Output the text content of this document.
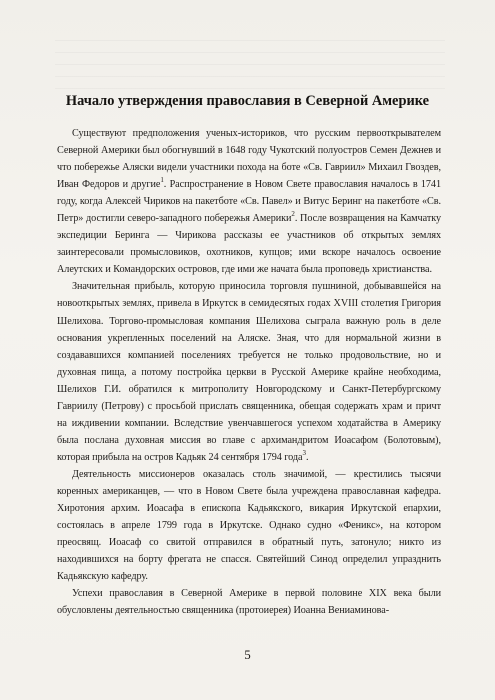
Начало утверждения православия в Северной Америке

Существуют предположения ученых-историков, что русским первооткрывателем Северной Америки был обогнувший в 1648 году Чукотский полуостров Семен Дежнев и что побережье Аляски видели участники похода на боте «Св. Гавриил» Михаил Гвоздев, Иван Федоров и другие$^1$. Распространение в Новом Свете православия началось в 1741 году, когда Алексей Чириков на пакетботе «Св. Павел» и Витус Беринг на пакетботе «Св. Петр» достигли северо-западного побережья Америки$^2$. После возвращения на Камчатку экспедиции Беринга — Чирикова рассказы ее участников об открытых землях заинтересовали промысловиков, охотников, купцов; ими вскоре началось освоение Алеутских и Командорских островов, где ими же начата была проповедь христианства.

Значительная прибыль, которую приносила торговля пушниной, добывавшейся на новооткрытых землях, привела в Иркутск в семидесятых годах XVIII столетия Григория Шелихова. Торгово-промысловая компания Шелихова сыграла важную роль в деле основания укрепленных поселений на Аляске. Зная, что для нормальной жизни в создававшихся компанией поселениях требуется не только продовольствие, но и духовная пища, а потому постройка церкви в Русской Америке крайне необходима, Шелихов Г.И. обратился к митрополиту Новгородскому и Санкт-Петербургскому Гавриилу (Петрову) с просьбой прислать священника, обещая содержать храм и причт на иждивении компании. Вследствие увенчавшегося успехом ходатайства в Америку была послана духовная миссия во главе с архимандритом Иоасафом (Болотовым), которая прибыла на остров Кадьяк 24 сентября 1794 года$^3$.

Деятельность миссионеров оказалась столь значимой, — крестились тысячи коренных американцев, — что в Новом Свете была учреждена православная кафедра. Хиротония архим. Иоасафа в епископа Кадьякского, викария Иркутской епархии, состоялась в апреле 1799 года в Иркутске. Однако судно «Феникс», на котором преосвящ. Иоасаф со свитой отправился в обратный путь, затонуло; никто из находившихся на борту фрегата не спасся. Святейший Синод определил упразднить Кадьякскую кафедру.

Успехи православия в Северной Америке в первой половине XIX века были обусловлены деятельностью священника (протоиерея) Иоанна Вениаминова-

5
